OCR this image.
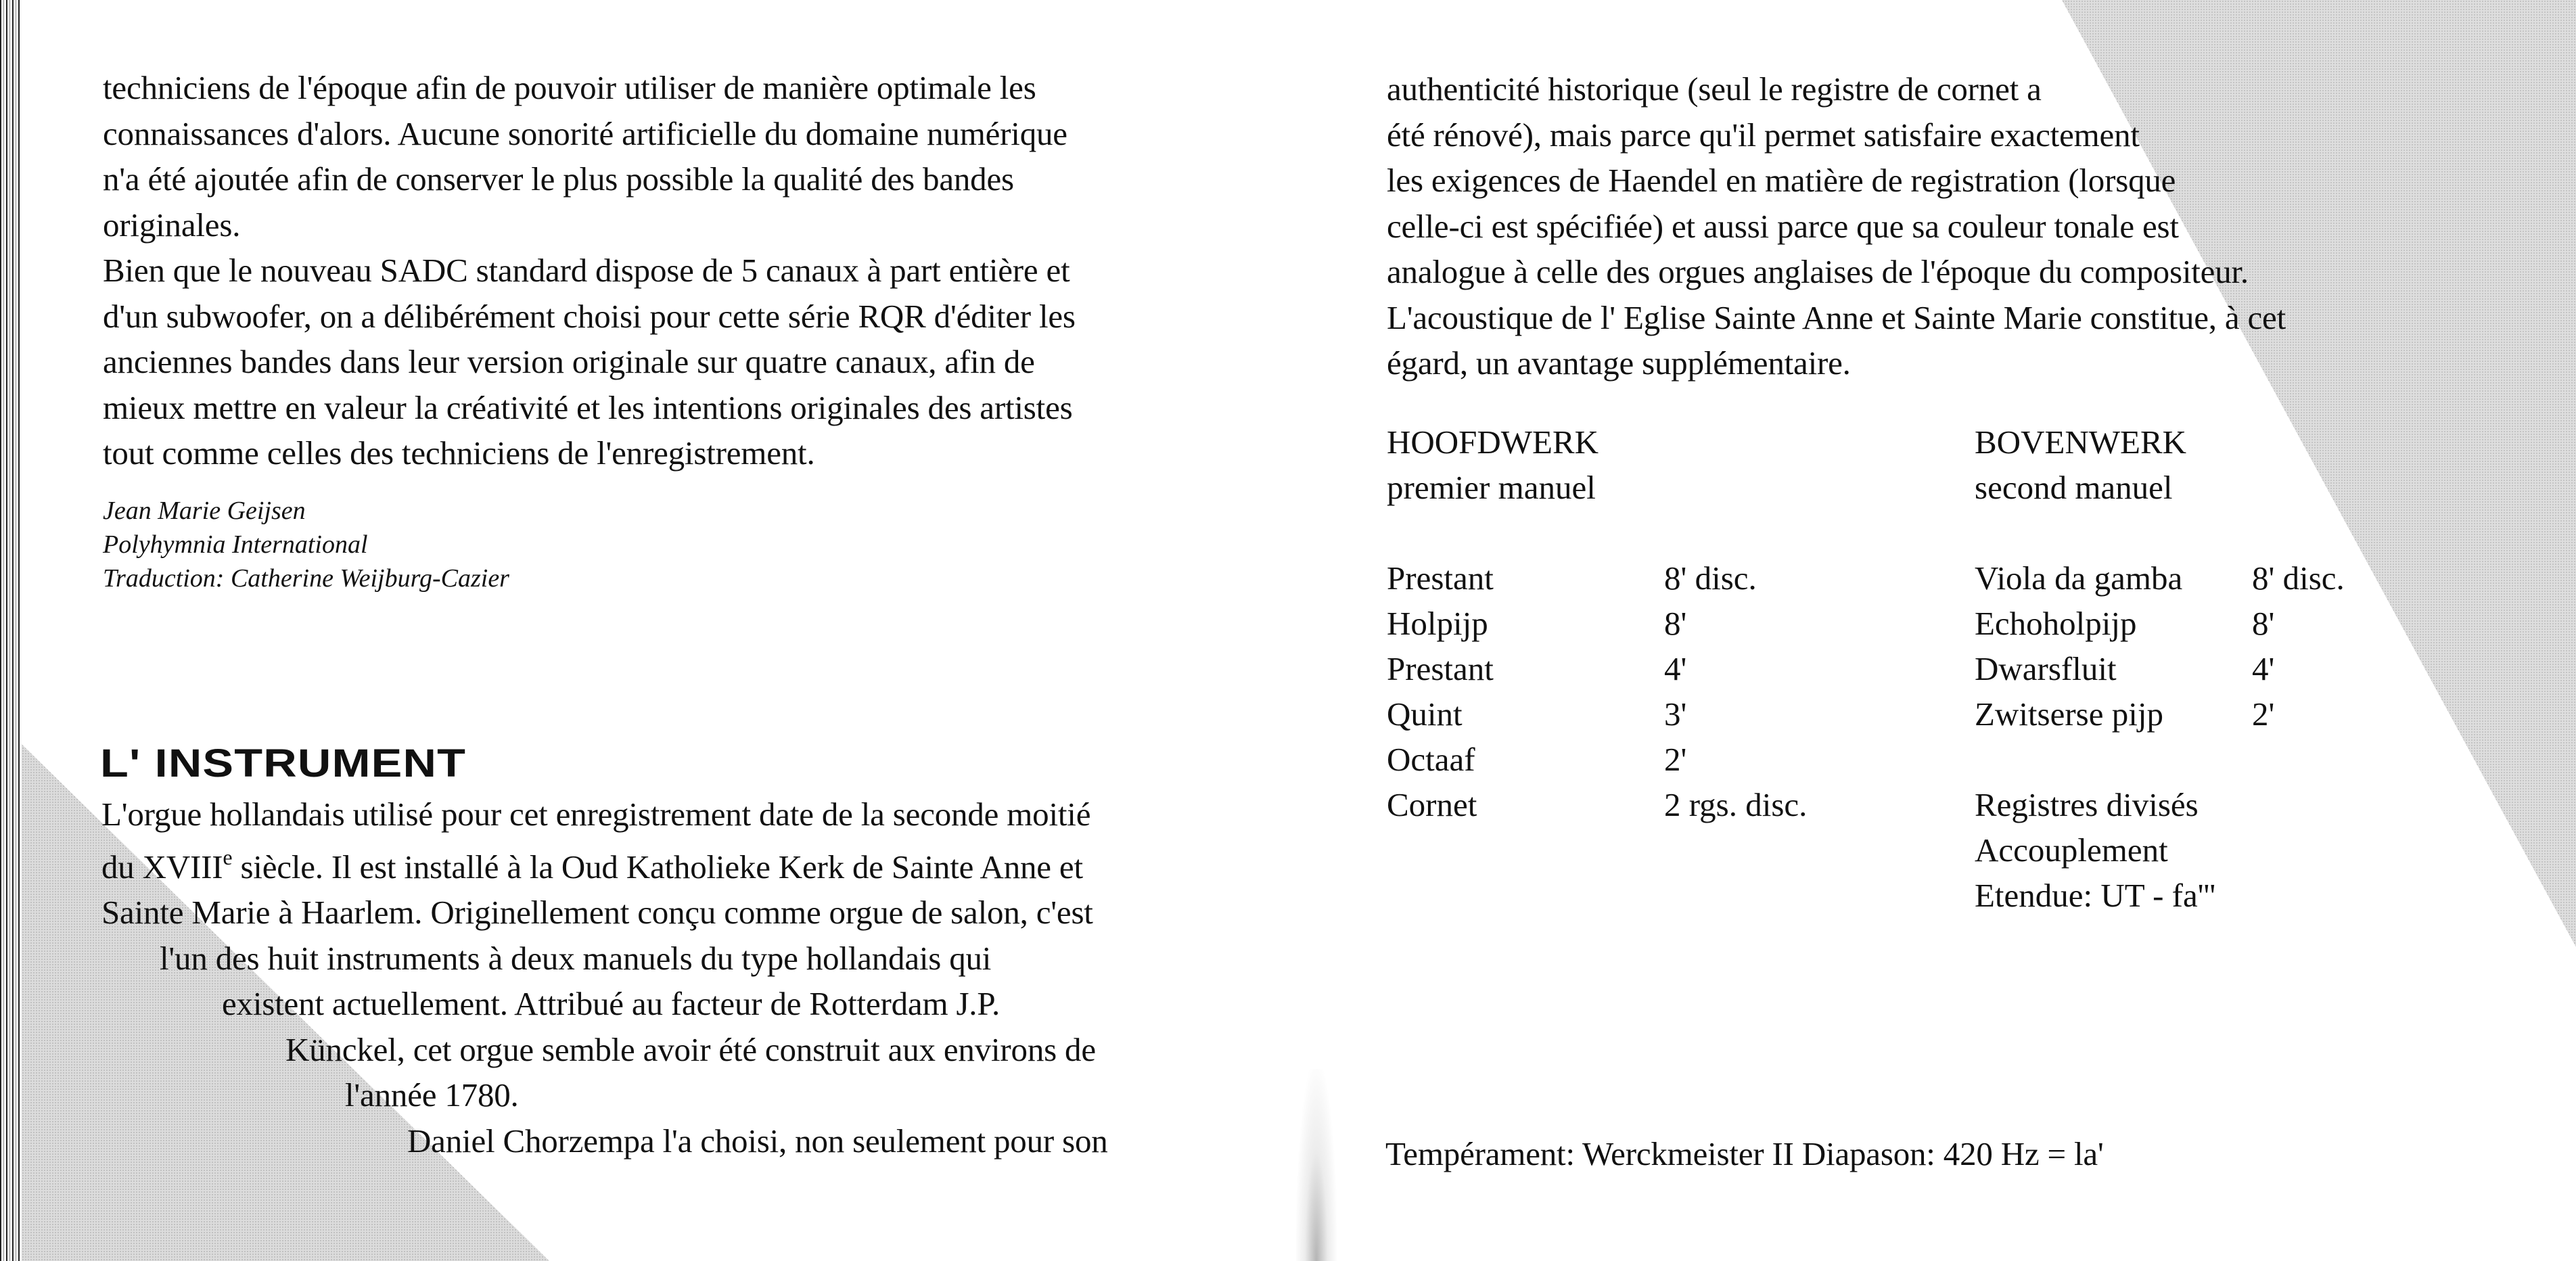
techniciens de l'époque afin de pouvoir utiliser de manière optimale les
connaissances d'alors. Aucune sonorité artificielle du domaine numérique
n'a été ajoutée afin de conserver le plus possible la qualité des bandes
originales.
Bien que le nouveau SADC standard dispose de 5 canaux à part entière et
d'un subwoofer, on a délibérément choisi pour cette série RQR d'éditer les
anciennes bandes dans leur version originale sur quatre canaux, afin de
mieux mettre en valeur la créativité et les intentions originales des artistes
tout comme celles des techniciens de l'enregistrement.
Jean Marie Geijsen
Polyhymnia International
Traduction: Catherine Weijburg-Cazier
L' INSTRUMENT
L'orgue hollandais utilisé pour cet enregistrement date de la seconde moitié
du XVIIIe siècle. Il est installé à la Oud Katholieke Kerk de Sainte Anne et
Sainte Marie à Haarlem. Originellement conçu comme orgue de salon, c'est
l'un des huit instruments à deux manuels du type hollandais qui
existent actuellement. Attribué au facteur de Rotterdam J.P.
Künckel, cet orgue semble avoir été construit aux environs de
l'année 1780.
Daniel Chorzempa l'a choisi, non seulement pour son
authenticité historique (seul le registre de cornet a
été rénové), mais parce qu'il permet satisfaire exactement
les exigences de Haendel en matière de registration (lorsque
celle-ci est spécifiée) et aussi parce que sa couleur tonale est
analogue à celle des orgues anglaises de l'époque du compositeur.
L'acoustique de l' Eglise Sainte Anne et Sainte Marie constitue, à cet
égard, un avantage supplémentaire.
HOOFDWERK
premier manuel
Prestant	8' disc.
Holpijp	8'
Prestant	4'
Quint	3'
Octaaf	2'
Cornet	2 rgs. disc.
BOVENWERK
second manuel
Viola da gamba 8' disc.
Echoholpijp	8'
Dwarsfluit	4'
Zwitserse pijp	2'
Registres divisés
Accouplement
Etendue: UT - fa'''
Tempérament: Werckmeister II Diapason: 420 Hz = la'
